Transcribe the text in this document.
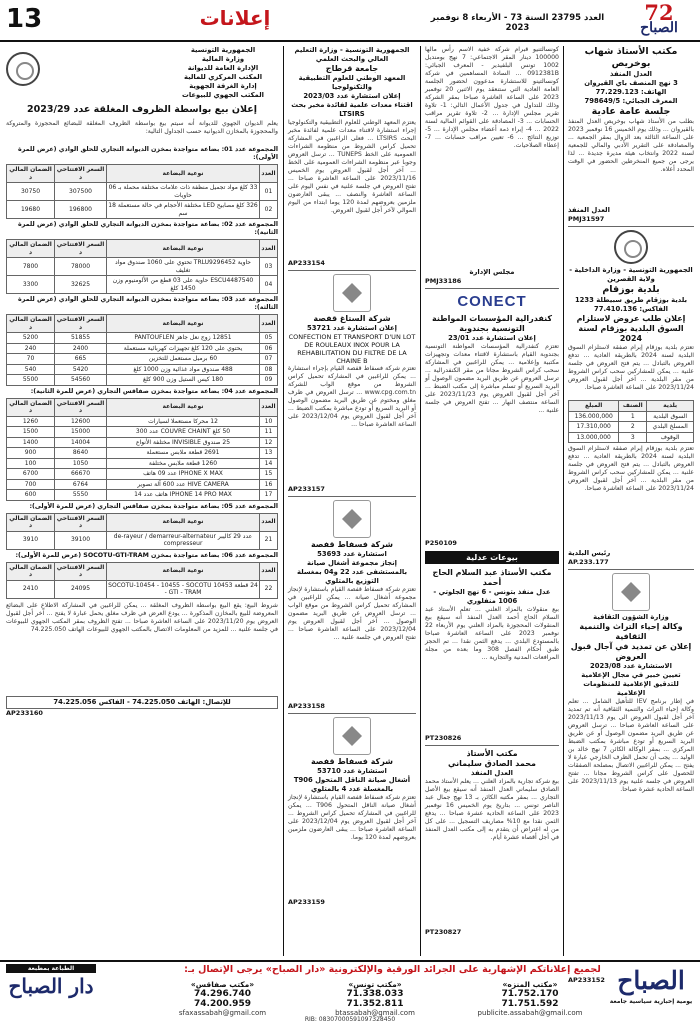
13	إعلانات	العدد 23795 السنة 73 - الأربعاء 8 نوفمبر 2023
72
الصباح
مكتب الأستاذ شهاب بوخريص
العدل المنفذ
3 نهج المنصف باي القيروان
الهاتف: 77.229.123
المعرف الجبائي: 798649/5
جلسة عامة عادية
بطلب من الأستاذ شهاب بوخريص العدل المنفذ بالقيروان ... وذلك يوم الخميس 16 نوفمبر 2023 على الساعة الثالثة بعد الزوال بمقر الجمعية ... والمصادقة على التقرير الأدبي والمالي للجمعية لسنة 2022 وانتخاب هيئة مديرة جديدة ... لذا يرجى من جميع المنخرطين الحضور في الوقت المحدد أعلاه.
العدل المنفذ
PMJ31597
الجمهورية التونسية - وزارة الداخلية - ولاية القصرين
بلدية بوزقام
بلدية بوزقام طريق سبيطلة 1233
الفاكس: 77.410.136
إعلان طلب عروض لاستلزام السوق البلدية بوزقام لسنة 2024
تعتزم بلدية بوزقام إبرام صفقة لاستلزام السوق البلدية لسنة 2024 بالطريقة العادية ... تدفع العروض بالتبادل ... يتم فتح العروض في جلسة علنية ... يمكن للمشاركين سحب كراس الشروط من مقر البلدية ... آخر أجل لقبول العروض 2023/11/24 على الساعة العاشرة صباحا.
بلدية	الصنف	المبلغ
السوق البلدية	1	136.000,000
المسلخ البلدي	2	17.310,000
الوقوف	3	13.000,000
تعتزم بلدية بوزقام إبرام صفقة لاستلزام السوق البلدية لسنة 2024 بالطريقة العادية ... تدفع العروض بالتبادل ... يتم فتح العروض في جلسة علنية ... يمكن للمشاركين سحب كراس الشروط من مقر البلدية ... آخر أجل لقبول العروض 2023/11/24 على الساعة العاشرة صباحا.
رئيس البلدية
AP.233.177
وزارة الشؤون الثقافية
وكالة إحياء التراث والتنمية الثقافية
إعلان عن تمديد في آجال قبول العروض
الاستشارة عدد 2023/08
تعيين خبير في مجال الإعلامية للتدقيق الإعلامية للمنظومات الإعلامية
في إطار برنامج IEV للتأهيل الشامل ... تعلم وكالة إحياء التراث والتنمية الثقافية أنه تم تمديد آخر أجل لقبول العروض الى يوم 2023/11/13 على الساعة العاشرة صباحا ... ترسل العروض عن طريق البريد مضمون الوصول أو عن طريق البريد السريع أو تودع مباشرة بمكتب الضبط المركزي ... بمقر الوكالة الكائن 7 نهج خالد بن الوليد ... يجب أن تحمل الظرف الخارجي عبارة لا يفتح ... يمكن للراغبين الاتصال بمصلحة الصفقات للحصول على كراس الشروط مجانا ... تفتح العروض في جلسة علنية يوم 2023/11/13 على الساعة الحادية عشرة صباحا.
AP233152
كونسالتنيو قبرام شركة خفية الاسم رأس مالها 100000 دينار المقر الاجتماعي: 7 نهج بومنديل 1002 تونس البلفيدير - المعرف الجبائي: 0912381B ... السادة المساهمين في شركة كونسالتينو للاستشارة مدعوون لحضور الجلسة العامة العادية التي ستنعقد يوم الاثنين 20 نوفمبر 2023 على الساعة العاشرة صباحا بمقر الشركة وذلك للتداول في جدول الأعمال التالي: 1- تلاوة تقرير مجلس الإدارة ... 2- تلاوة تقرير مراقب الحسابات ... 3- المصادقة على القوائم المالية لسنة 2022 ... 4- إبراء ذمة أعضاء مجلس الإدارة ... 5- توزيع النتائج ... 6- تعيين مراقب حسابات ... 7- إعطاء الصلاحيات.
مجلس الإدارة
PMJ33186
CONECT
كنفدرالية المؤسسات المواطنة التونسية بجندوبة
إعلان استشارة عدد 23/01
تعتزم كنفدرالية المؤسسات المواطنة التونسية بجندوبة القيام باستشارة لاقتناء معدات وتجهيزات مكتبية وإعلامية ... يمكن للراغبين في المشاركة سحب كراس الشروط مجانا من مقر الكنفدرالية ... ترسل العروض عن طريق البريد مضمون الوصول أو البريد السريع أو تسلم مباشرة إلى مكتب الضبط ... آخر أجل لقبول العروض يوم 2023/11/23 على الساعة منتصف النهار ... تفتح العروض في جلسة علنية ...
P250109
بيوعات عدلية
مكتب الأستاذ عبد السلام الحاج أحمد
عدل منفذ بتونس - 6 نهج الجلوتي - 1006 منفلوري
بيع منقولات بالمزاد العلني ... تعلم الأستاذ عبد السلام الحاج أحمد العدل المنفذ أنه سيقع بيع المنقولات المحجوزة بالمزاد العلني يوم الأربعاء 22 نوفمبر 2023 على الساعة العاشرة صباحا بالمستودع البلدي ... يدفع الثمن نقدا ... تم الحجز طبق أحكام الفصل 308 وما بعده من مجلة المرافعات المدنية والتجارية ...
PT230826
مكتب الأستاذ
محمد الصادق سليماني
العدل المنفذ
بيع شركة تجارية بالمزاد العلني ... يعلم الأستاذ محمد الصادق سليماني العدل المنفذ أنه سيقع بيع الأصل التجاري ... بمقر مكتبه الكائن بـ 13 نهج جمال عبد الناصر تونس ... بتاريخ يوم الخميس 16 نوفمبر 2023 على الساعة الحادية عشرة صباحا ... يدفع الثمن نقدا مع 10% مصاريف التسجيل ... على كل من له اعتراض أن يتقدم به إلى مكتب العدل المنفذ في أجل أقصاه عشرة أيام.
PT230827
الجمهورية التونسية - وزارة التعليم العالي والبحث العلمي
جامعة قرطاج
المعهد الوطني للعلوم التطبيقية والتكنولوجيا
إعلان استشارة عدد 2023/03
اقتناء معدات علمية لفائدة مخبر بحث LTSIRS
يعتزم المعهد الوطني للعلوم التطبيقية والتكنولوجيا إجراء استشارة لاقتناء معدات علمية لفائدة مخبر البحث LTSIRS ... فعلى الراغبين في المشاركة تحميل كراس الشروط من منظومة الشراءات العمومية على الخط TUNEPS ... ترسل العروض وجوبا عبر منظومة الشراءات العمومية على الخط ... آخر أجل لقبول العروض يوم الخميس 2023/11/16 على الساعة العاشرة صباحا ... تفتح العروض في جلسة علنية في نفس اليوم على الساعة العاشرة والنصف ... يبقى العارضون ملزمين بعروضهم لمدة 120 يوما ابتداء من اليوم الموالي لآخر أجل لقبول العروض.
AP233154
شركة الستاغ قفصة
إعلان استشارة عدد 53721
CONFECTION ET TRANSPORT D'UN LOT DE ROULEAUX INOX POUR LA REHABILITATION DU FILTRE DE LA CHAINE B
تعتزم شركة فسفاط قفصة القيام بإجراء استشارة ... يمكن للراغبين في المشاركة تحميل كراس الشروط من موقع الواب للشركة www.cpg.com.tn ... ترسل العروض في ظرف مغلق ومختوم عن طريق البريد مضمون الوصول أو البريد السريع أو تودع مباشرة بمكتب الضبط ... آخر أجل لقبول العروض يوم 2023/12/04 على الساعة العاشرة صباحا ...
AP233157
شركة فسفاط قفصة
استشارة عدد 53693
إنجاز مجموعة أشغال صيانة بالمستشفى عدد 22 و04 بمغسلة التوزيع بالمتلوي
تعتزم شركة فسفاط قفصة القيام باستشارة لإنجاز مجموعة أشغال صيانة ... يمكن للراغبين في المشاركة تحميل كراس الشروط من موقع الواب ... ترسل العروض عن طريق البريد مضمون الوصول ... آخر أجل لقبول العروض يوم 2023/12/04 على الساعة العاشرة صباحا ... تفتح العروض في جلسة علنية ...
AP233158
شركة فسفاط قفصة
استشارة عدد 53710
أشغال صيانة الناقل المتحول T906 بالمغسلة عدد 4 بالمتلوي
تعتزم شركة فسفاط قفصة القيام باستشارة لإنجاز أشغال صيانة الناقل المتحول T906 ... يمكن للراغبين في المشاركة تحميل كراس الشروط ... آخر أجل لقبول العروض يوم 2023/12/04 على الساعة العاشرة صباحا ... يبقى العارضون ملزمين بعروضهم لمدة 120 يوما.
AP233159
الجمهورية التونسية
وزارة المالية
الإدارة العامة للديوانة
المكتب المركزي للمالية
إدارة الغرفة الجهوية
المكتب الجهوي للبيوعات
إعلان بيع بواسطة الظروف المغلقة عدد 2023/29
يعلم الديوان الجهوي للديوانة أنه سيتم بيع بواسطة الظروف المغلقة للبضائع المحجوزة والمتروكة والمحجوزة بالمخازن الديوانية حسب الجداول التالية:
المجموعة عدد 01: بضاعة متواجدة بمخزن الديوانة التجاري للحلق الوادي (عرض للمرة الأولى):
العدد	نوعية البضاعة	السعر الافتتاحي د	الضمان المالي د
01	33 كلغ مواد تجميل منظفة ذات علامات مختلفة محملة بـ 06 حاويات	307500	30750
02	326 كلغ مصابيح LED مختلفة الأحجام في حالة مستعملة 18 سم	196800	19680
المجموعة عدد 02: بضاعة متواجدة بمخزن الديوانة التجاري للحلق الوادي (عرض للمرة الثانية):
العدد	نوعية البضاعة	السعر الافتتاحي د	الضمان المالي د
03	حاوية TRLU9296452 تحتوي على 1060 صندوق مواد تغليف	78000	7800
04	ESCU4487540 حاوية على 03 قطع من الألومنيوم وزن 1450 كلغ	32625	3300
المجموعة عدد 03: بضاعة متواجدة بمخزن الديوانة التجاري للحلق الوادي (عرض للمرة الثالثة):
العدد	نوعية البضاعة	السعر الافتتاحي د	الضمان المالي د
05	12851 زوج نعل جاهز PANTOUFLEN	51855	5200
06	يحتوي على 120 كلغ تجهيزات كهربائية مستعملة	2400	240
07	60 برميل مستعمل للتخزين	665	70
08	488 صندوق مواد غذائية وزن 1000 كلغ	5420	540
09	180 كيس الستيل وزن 900 كلغ	54560	5500
المجموعة عدد 04: بضاعة متواجدة بمخزن صفاقس التجاري (عرض للمرة الثانية):
العدد	نوعية البضاعة	السعر الافتتاحي د	الضمان المالي د
10	12 محركا مستعملا لسيارات	12600	1260
11	50 كلغ COUVRE CHAINT عدد 300	15000	1500
12	25 صندوق INVISIBLE مختلفة الأنواع	14004	1400
13	2691 قطعة ملابس مستعملة	8640	900
14	1260 قطعة ملابس مختلفة	1050	100
15	IPHONE X MAX عدد 09 هاتف	66670	6700
16	HIVE CAMERA عدد 600 آلة تصوير	6764	700
17	IPHONE 14 PRO MAX هاتف عدد 14	5550	600
المجموعة عدد 05: بضاعة متواجدة بمخزن صفاقس التجاري (عرض للمرة الأولى):
العدد	نوعية البضاعة	السعر الافتتاحي د	الضمان المالي د
21	عدد 29 كاليبر de-rayeur / demarreur-alternateur compresseur	39100	3910
المجموعة عدد 06: بضاعة متواجدة بمخزن SOCOTU-GTI-TRAM (عرض للمرة الأولى):
العدد	نوعية البضاعة	السعر الافتتاحي د	الضمان المالي د
22	24 قطعة SOCOTU-10454 - 10455 - SOCOTU 10453 - GTI - TRAM	24095	2410
شروط البيع: يقع البيع بواسطة الظروف المغلقة ... يمكن للراغبين في المشاركة الاطلاع على البضائع المعروضة للبيع بالمخازن المذكورة ... يودع العرض في ظرف مغلق يحمل عبارة لا يفتح ... آخر أجل لقبول العروض يوم 2023/11/20 على الساعة العاشرة صباحا ... تفتح الظروف بمقر المكتب الجهوي للبيوعات في جلسة علنية ... للمزيد من المعلومات الاتصال بالمكتب الجهوي للبيوعات الهاتف 74.225.050
للإتصال: الهاتف 74.225.050 - الفاكس 74.225.056
AP233160
لجميع إعلاناتكم الإشهارية على الجرائد الورقية والإلكترونية «دار الصباح» يرجى الإتصال بـ:
«مكتب المنزه»
71.752.170
71.751.592
publicite.assabah@gmail.com
«مكتب تونس»
71.338.033
71.352.811
btassabah@gmail.com
«مكتب صفاقس»
74.296.740
74.200.959
sfaxassabah@gmail.com
الطباعة بمطبعة
دار الصباح	الصباح
يومية إخبارية سياسية جامعة
RIB: 08307000591097328450
